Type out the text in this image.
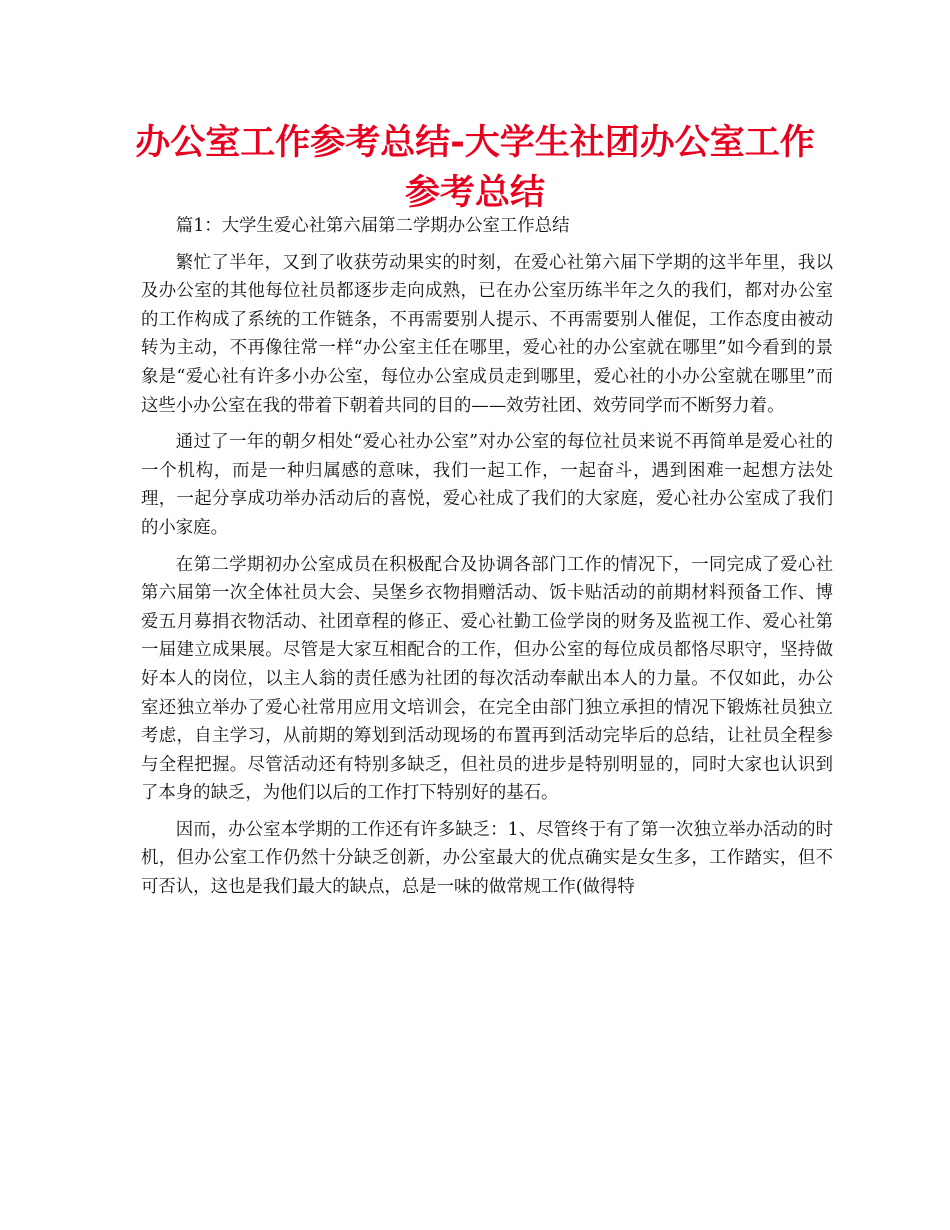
办公室工作参考总结-大学生社团办公室工作参考总结

篇1：大学生爱心社第六届第二学期办公室工作总结

繁忙了半年，又到了收获劳动果实的时刻，在爱心社第六届下学期的这半年里，我以及办公室的其他每位社员都逐步走向成熟，已在办公室历练半年之久的我们，都对办公室的工作构成了系统的工作链条，不再需要别人提示、不再需要别人催促，工作态度由被动转为主动，不再像往常一样“办公室主任在哪里，爱心社的办公室就在哪里”如今看到的景象是“爱心社有许多小办公室，每位办公室成员走到哪里，爱心社的小办公室就在哪里”而这些小办公室在我的带着下朝着共同的目的——效劳社团、效劳同学而不断努力着。

通过了一年的朝夕相处“爱心社办公室”对办公室的每位社员来说不再简单是爱心社的一个机构，而是一种归属感的意味，我们一起工作，一起奋斗，遇到困难一起想方法处理，一起分享成功举办活动后的喜悦，爱心社成了我们的大家庭，爱心社办公室成了我们的小家庭。

在第二学期初办公室成员在积极配合及协调各部门工作的情况下，一同完成了爱心社第六届第一次全体社员大会、吴堡乡衣物捐赠活动、饭卡贴活动的前期材料预备工作、博爱五月募捐衣物活动、社团章程的修正、爱心社勤工俭学岗的财务及监视工作、爱心社第一届建立成果展。尽管是大家互相配合的工作，但办公室的每位成员都恪尽职守，坚持做好本人的岗位，以主人翁的责任感为社团的每次活动奉献出本人的力量。不仅如此，办公室还独立举办了爱心社常用应用文培训会，在完全由部门独立承担的情况下锻炼社员独立考虑，自主学习，从前期的筹划到活动现场的布置再到活动完毕后的总结，让社员全程参与全程把握。尽管活动还有特别多缺乏，但社员的进步是特别明显的，同时大家也认识到了本身的缺乏，为他们以后的工作打下特别好的基石。

因而，办公室本学期的工作还有许多缺乏：1、尽管终于有了第一次独立举办活动的时机，但办公室工作仍然十分缺乏创新，办公室最大的优点确实是女生多，工作踏实，但不可否认，这也是我们最大的缺点，总是一味的做常规工作(做得特
